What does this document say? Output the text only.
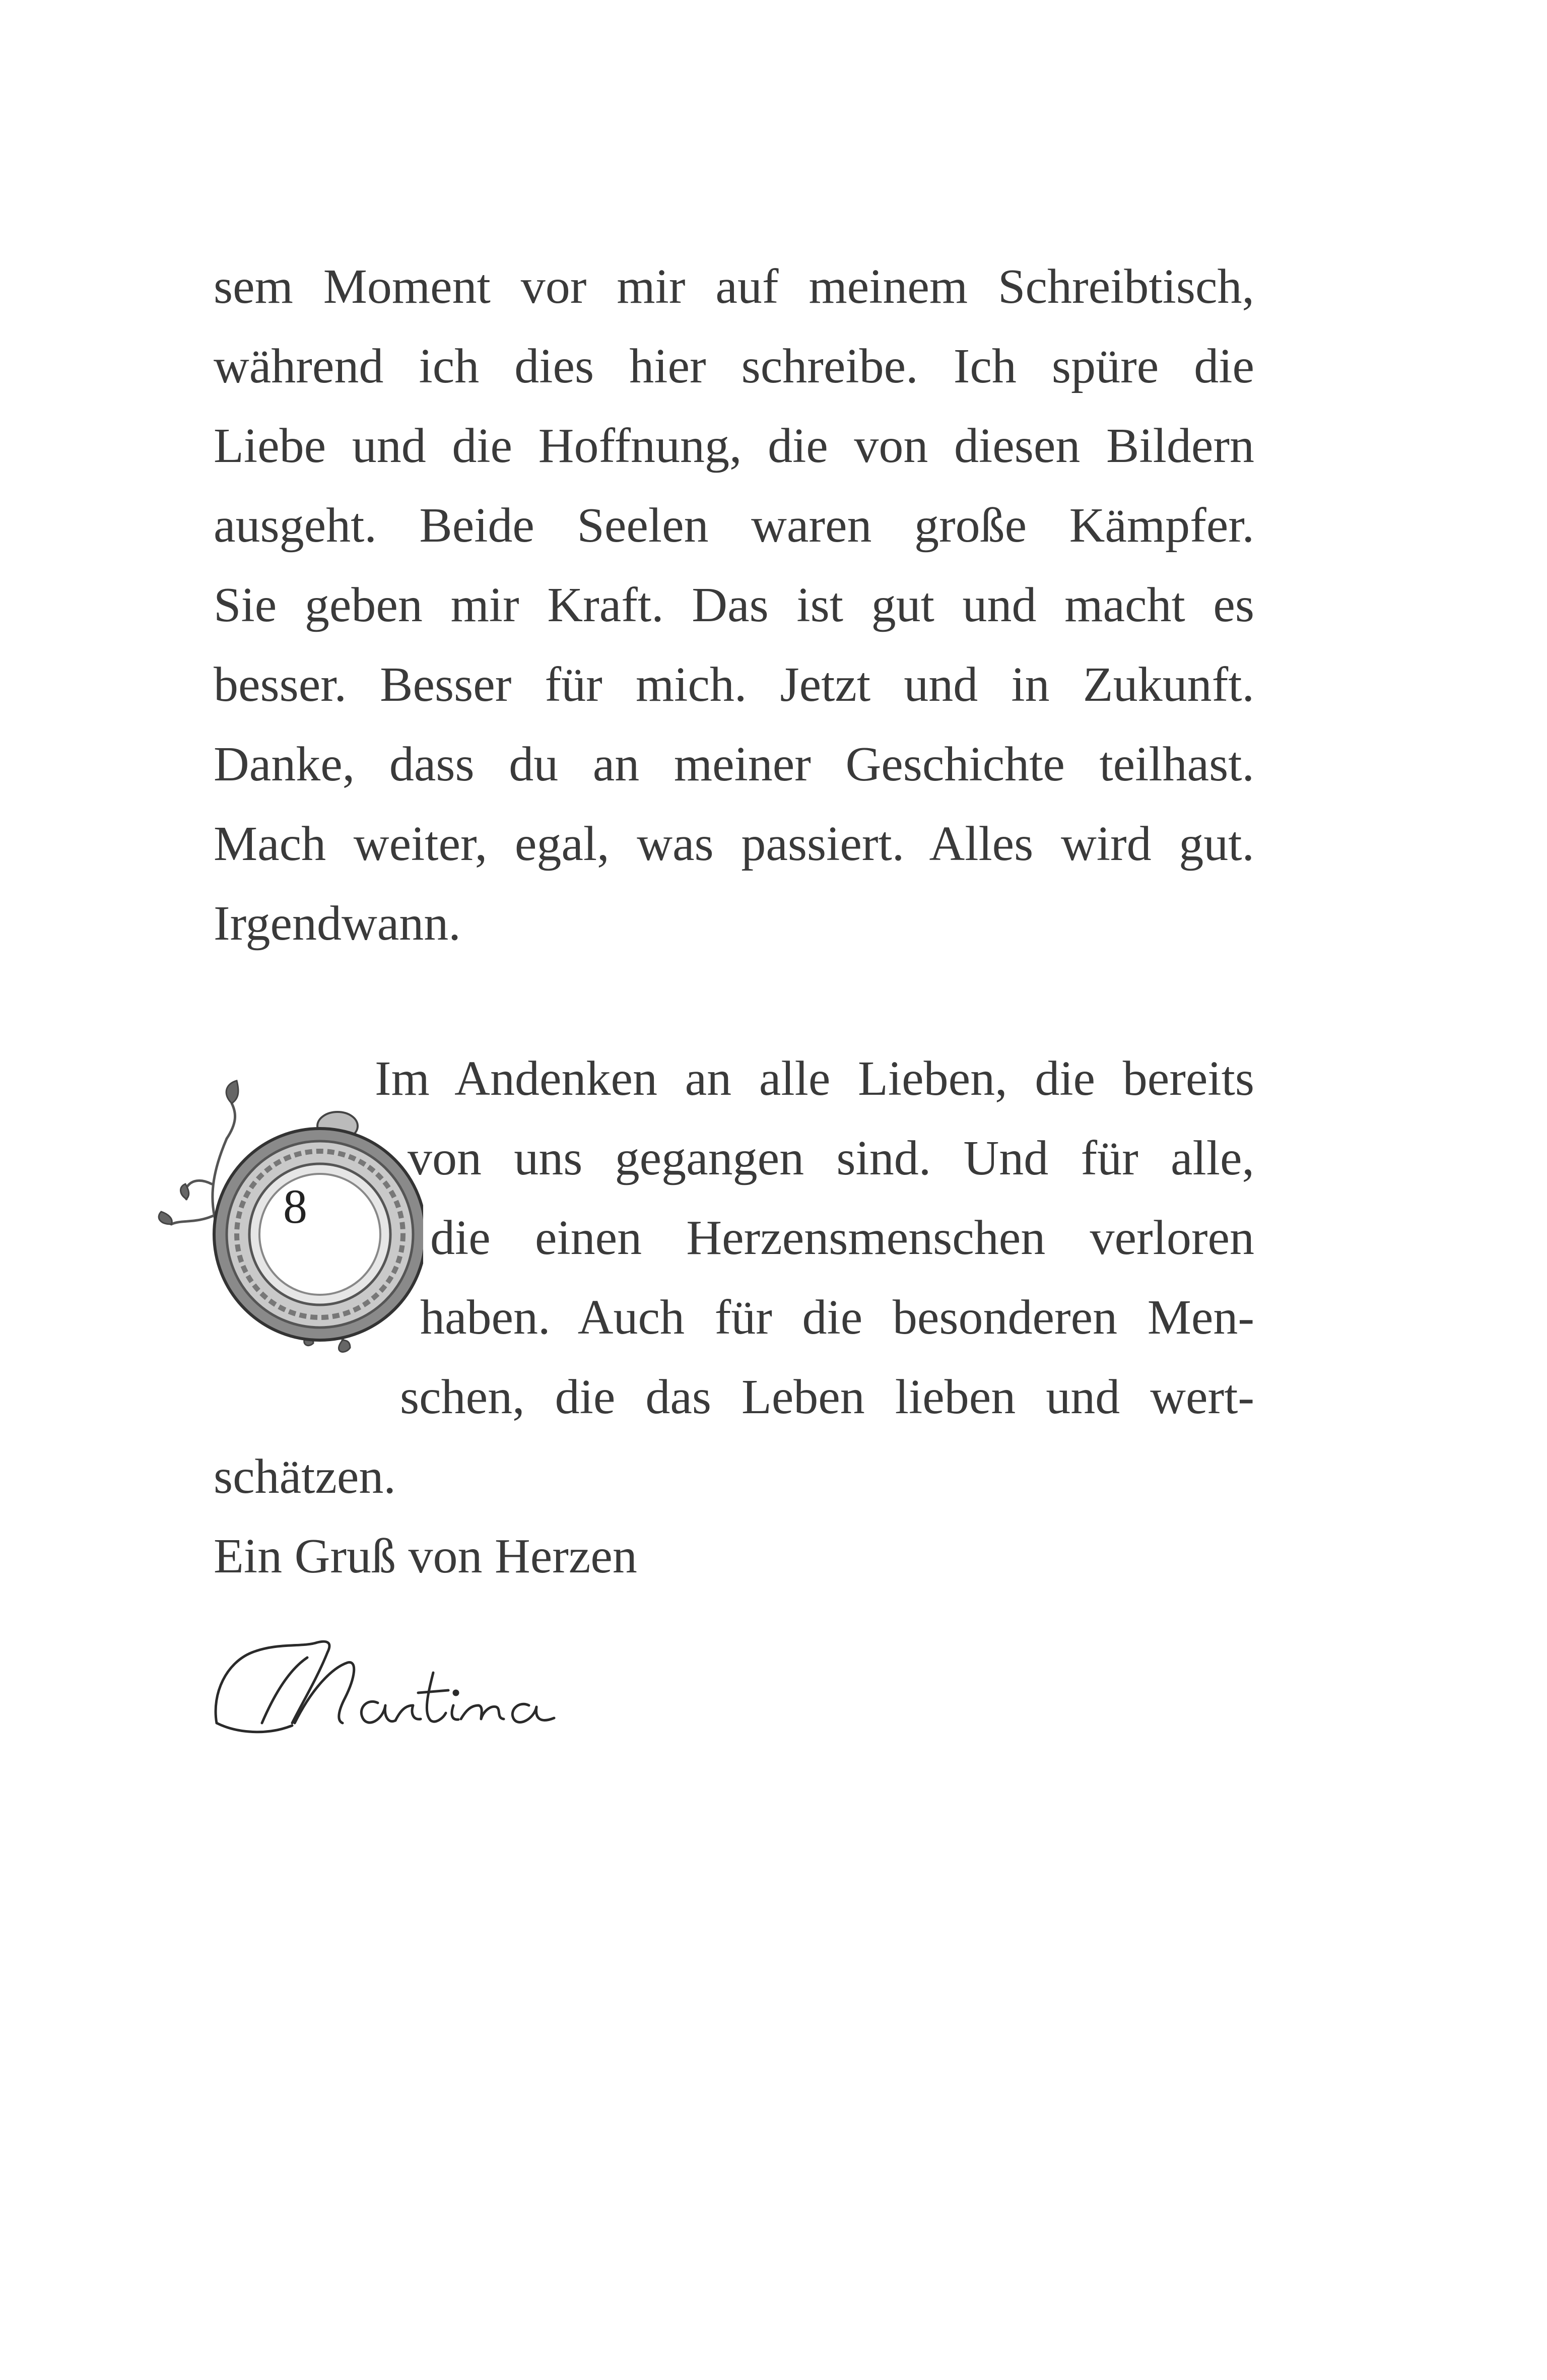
sem Moment vor mir auf meinem Schreibtisch,
während ich dies hier schreibe. Ich spüre die
Liebe und die Hoffnung, die von diesen Bildern
ausgeht. Beide Seelen waren große Kämpfer.
Sie geben mir Kraft. Das ist gut und macht es
besser. Besser für mich. Jetzt und in Zukunft.
Danke, dass du an meiner Geschichte teilhast.
Mach weiter, egal, was passiert. Alles wird gut.
Irgendwann.
8
Im Andenken an alle Lieben, die bereits
von uns gegangen sind. Und für alle,
die einen Herzensmenschen verloren
haben. Auch für die besonderen Men-
schen, die das Leben lieben und wert-
schätzen.
Ein Gruß von Herzen
